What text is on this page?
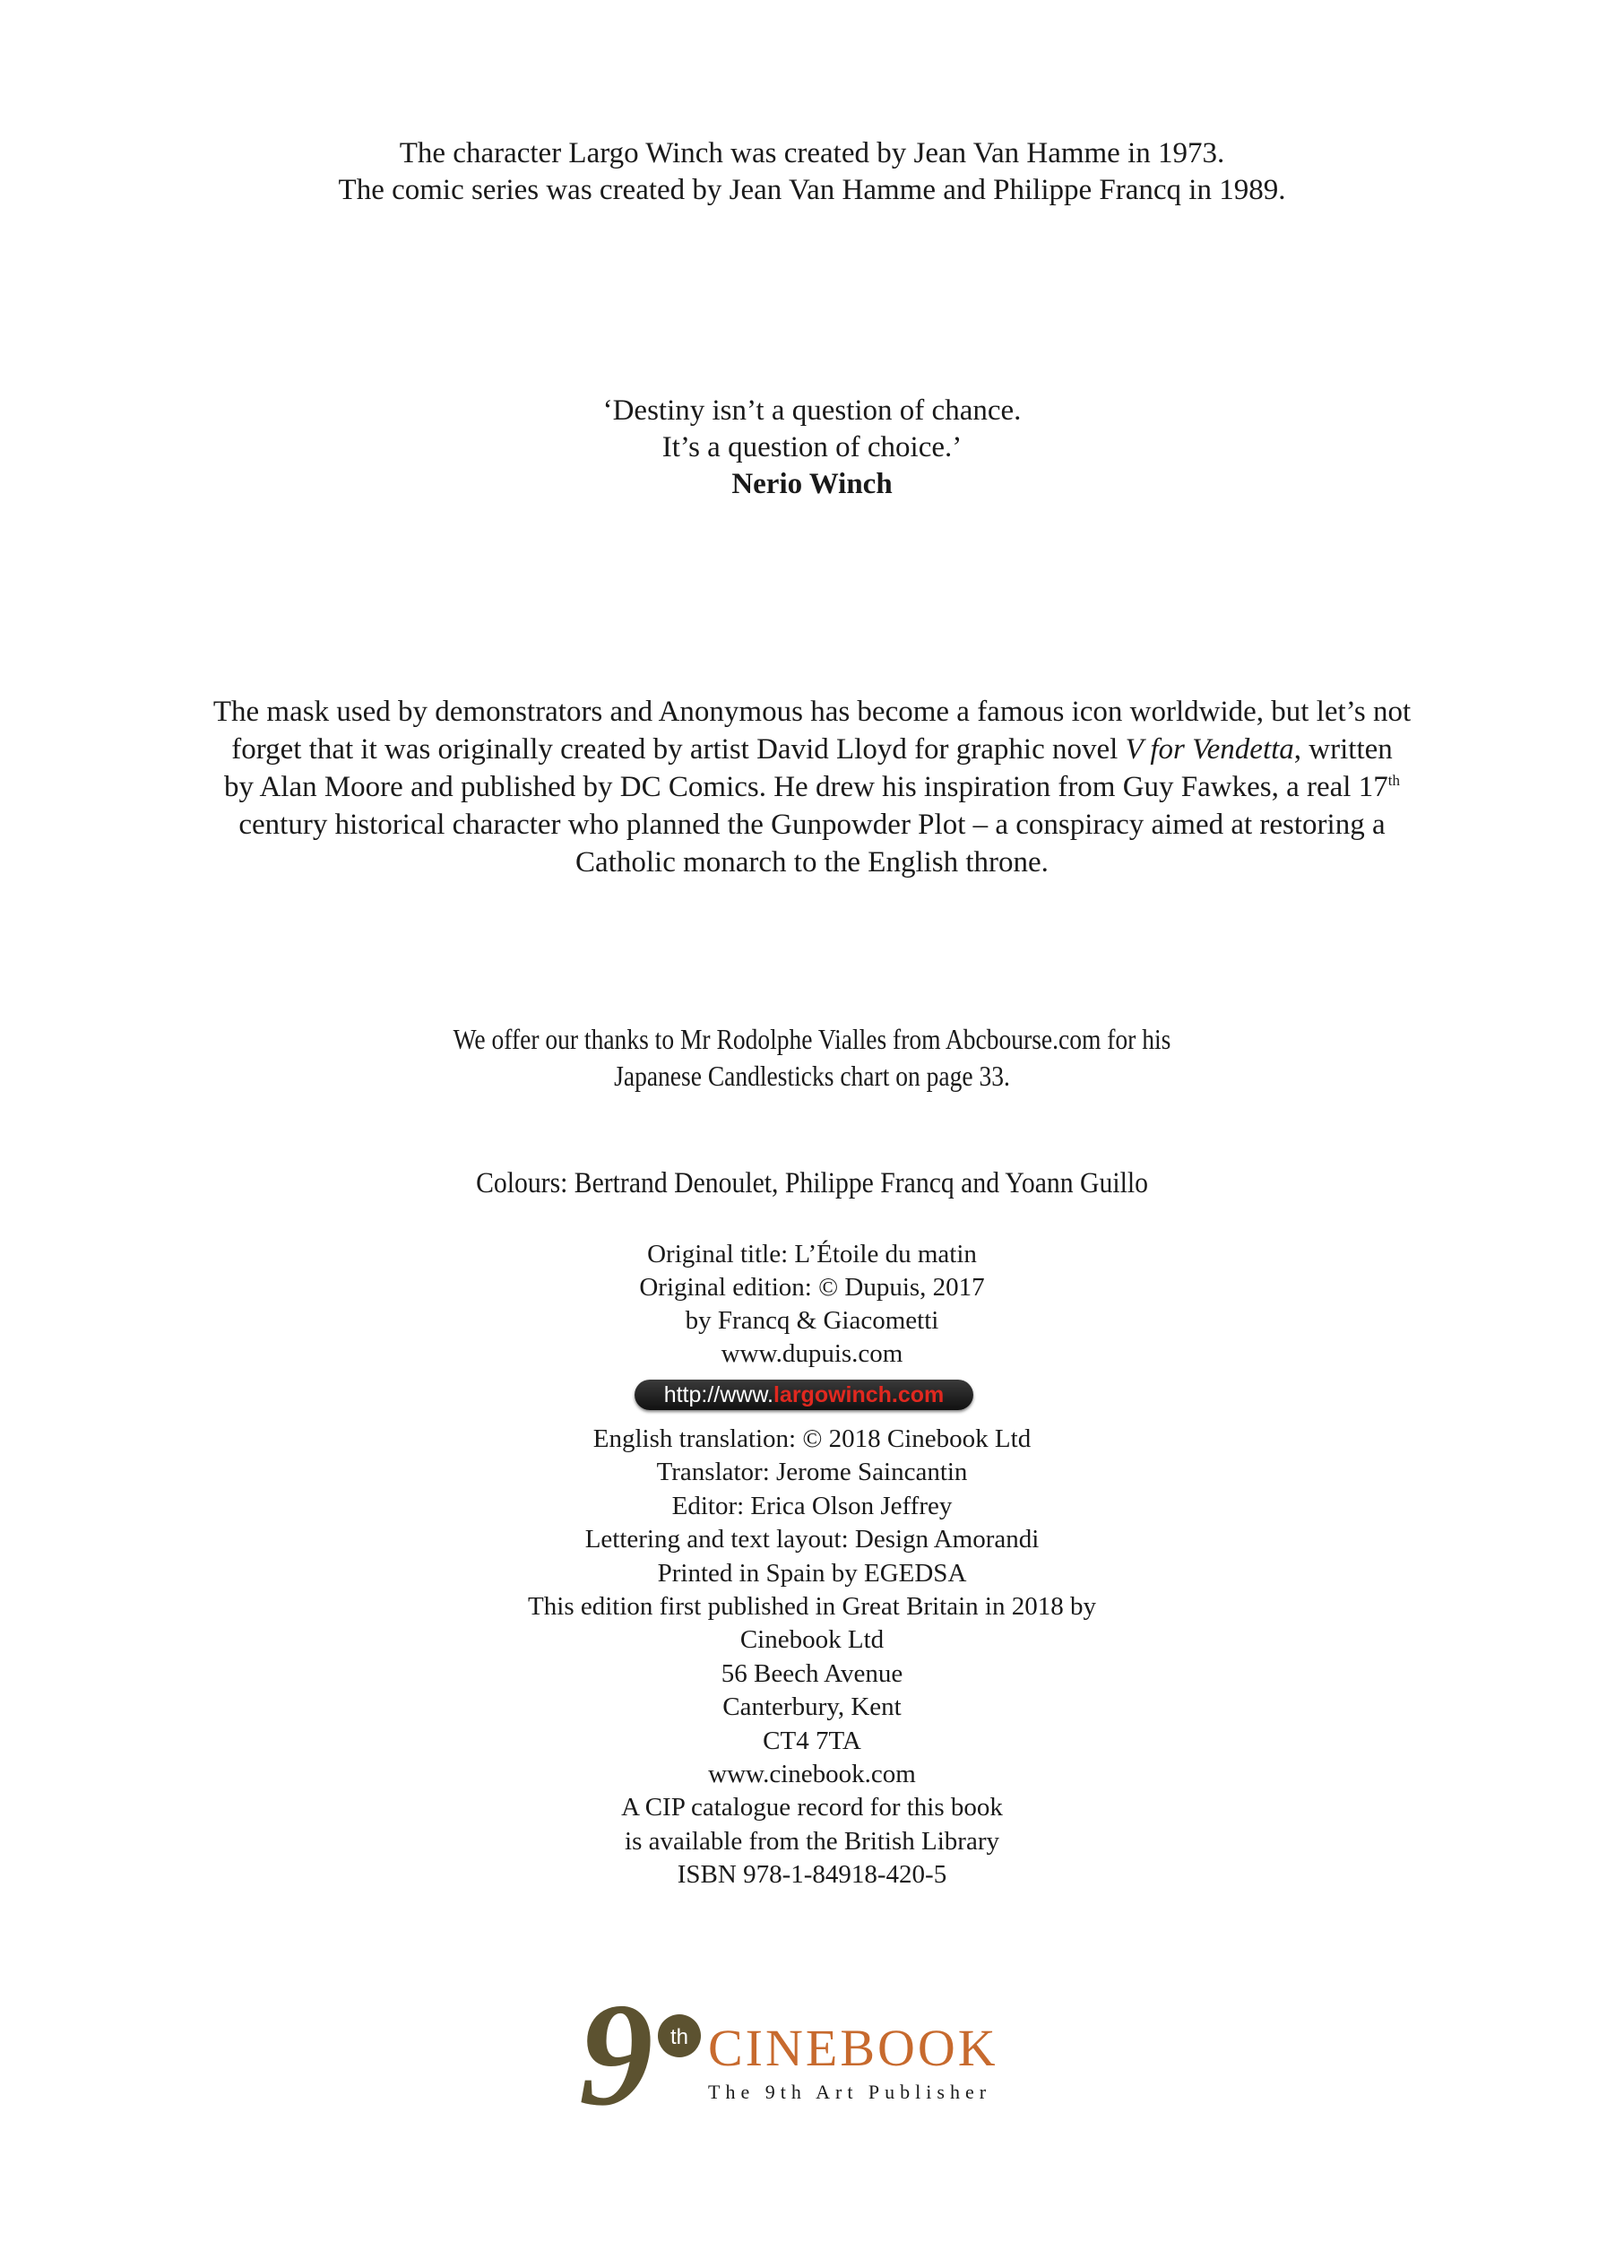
The character Largo Winch was created by Jean Van Hamme in 1973.
The comic series was created by Jean Van Hamme and Philippe Francq in 1989.
‘Destiny isn’t a question of chance.
It’s a question of choice.’
Nerio Winch
The mask used by demonstrators and Anonymous has become a famous icon worldwide, but let’s not
forget that it was originally created by artist David Lloyd for graphic novel V for Vendetta, written
by Alan Moore and published by DC Comics. He drew his inspiration from Guy Fawkes, a real 17th
century historical character who planned the Gunpowder Plot – a conspiracy aimed at restoring a
Catholic monarch to the English throne.
We offer our thanks to Mr Rodolphe Vialles from Abcbourse.com for his
Japanese Candlesticks chart on page 33.
Colours: Bertrand Denoulet, Philippe Francq and Yoann Guillo
Original title: L’Étoile du matin
Original edition: © Dupuis, 2017
by Francq & Giacometti
www.dupuis.com
http://www.largowinch.com
English translation: © 2018 Cinebook Ltd
Translator: Jerome Saincantin
Editor: Erica Olson Jeffrey
Lettering and text layout: Design Amorandi
Printed in Spain by EGEDSA
This edition first published in Great Britain in 2018 by
Cinebook Ltd
56 Beech Avenue
Canterbury, Kent
CT4 7TA
www.cinebook.com
A CIP catalogue record for this book
is available from the British Library
ISBN 978-1-84918-420-5
9 th CINEBOOK
The 9th Art Publisher
